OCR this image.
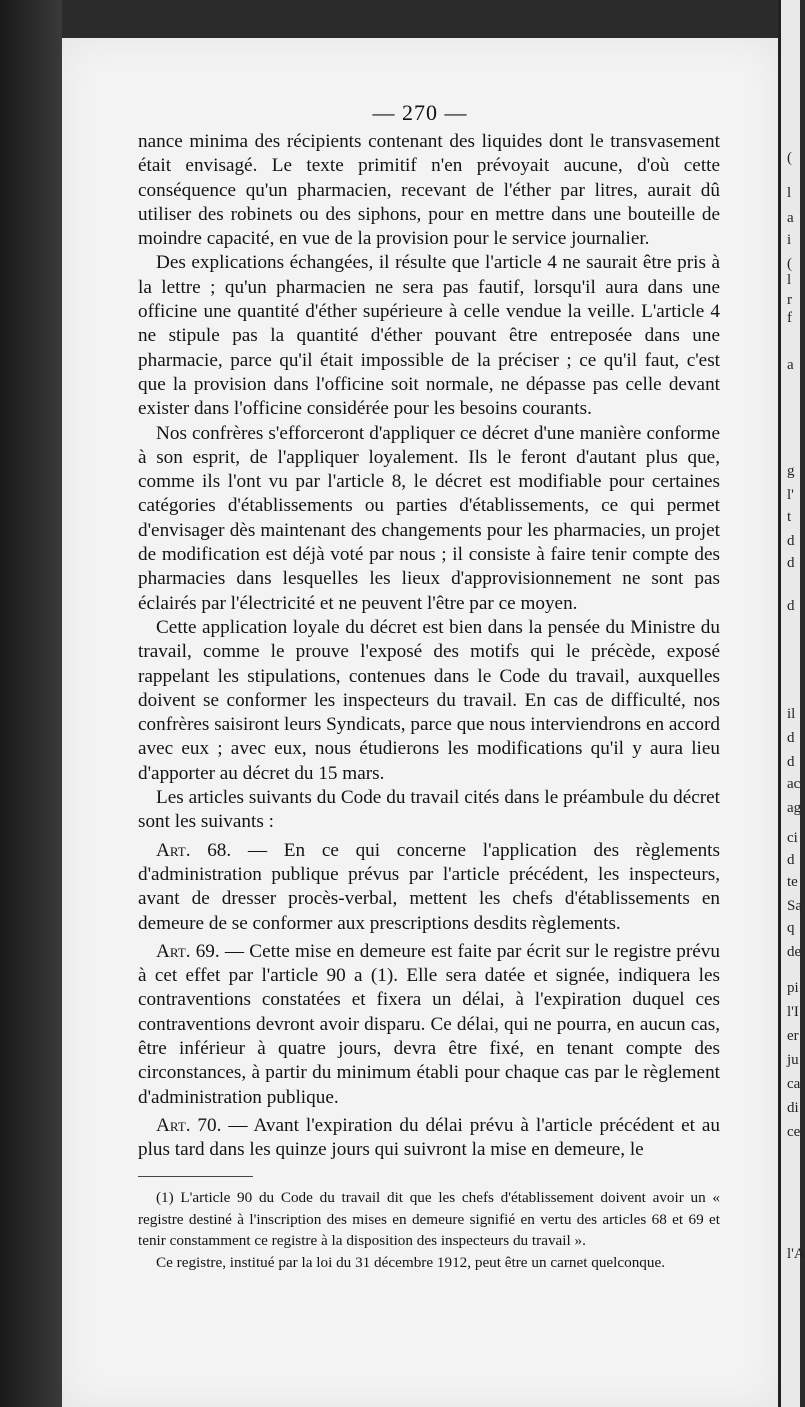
— 270 —

nance minima des récipients contenant des liquides dont le transvasement était envisagé. Le texte primitif n'en prévoyait aucune, d'où cette conséquence qu'un pharmacien, recevant de l'éther par litres, aurait dû utiliser des robinets ou des siphons, pour en mettre dans une bouteille de moindre capacité, en vue de la provision pour le service journalier.

Des explications échangées, il résulte que l'article 4 ne saurait être pris à la lettre ; qu'un pharmacien ne sera pas fautif, lorsqu'il aura dans une officine une quantité d'éther supérieure à celle vendue la veille. L'article 4 ne stipule pas la quantité d'éther pouvant être entreposée dans une pharmacie, parce qu'il était impossible de la préciser ; ce qu'il faut, c'est que la provision dans l'officine soit normale, ne dépasse pas celle devant exister dans l'officine considérée pour les besoins courants.

Nos confrères s'efforceront d'appliquer ce décret d'une manière conforme à son esprit, de l'appliquer loyalement. Ils le feront d'autant plus que, comme ils l'ont vu par l'article 8, le décret est modifiable pour certaines catégories d'établissements ou parties d'établissements, ce qui permet d'envisager dès maintenant des changements pour les pharmacies, un projet de modification est déjà voté par nous ; il consiste à faire tenir compte des pharmacies dans lesquelles les lieux d'approvisionnement ne sont pas éclairés par l'électricité et ne peuvent l'être par ce moyen.

Cette application loyale du décret est bien dans la pensée du Ministre du travail, comme le prouve l'exposé des motifs qui le précède, exposé rappelant les stipulations, contenues dans le Code du travail, auxquelles doivent se conformer les inspecteurs du travail. En cas de difficulté, nos confrères saisiront leurs Syndicats, parce que nous interviendrons en accord avec eux ; avec eux, nous étudierons les modifications qu'il y aura lieu d'apporter au décret du 15 mars.

Les articles suivants du Code du travail cités dans le préambule du décret sont les suivants :

Art. 68. — En ce qui concerne l'application des règlements d'administration publique prévus par l'article précédent, les inspecteurs, avant de dresser procès-verbal, mettent les chefs d'établissements en demeure de se conformer aux prescriptions desdits règlements.

Art. 69. — Cette mise en demeure est faite par écrit sur le registre prévu à cet effet par l'article 90 a (1). Elle sera datée et signée, indiquera les contraventions constatées et fixera un délai, à l'expiration duquel ces contraventions devront avoir disparu. Ce délai, qui ne pourra, en aucun cas, être inférieur à quatre jours, devra être fixé, en tenant compte des circonstances, à partir du minimum établi pour chaque cas par le règlement d'administration publique.

Art. 70. — Avant l'expiration du délai prévu à l'article précédent et au plus tard dans les quinze jours qui suivront la mise en demeure, le

(1) L'article 90 du Code du travail dit que les chefs d'établissement doivent avoir un « registre destiné à l'inscription des mises en demeure signifié en vertu des articles 68 et 69 et tenir constamment ce registre à la disposition des inspecteurs du travail ».

Ce registre, institué par la loi du 31 décembre 1912, peut être un carnet quelconque.

(
l
a
i
(
l
r
f
a
g
l'
t
d
d
d
il
d
d
ac
ag
ci
d
te
Sa
q
de
pi
l'I
er
ju
ca
di
ce
l'A
